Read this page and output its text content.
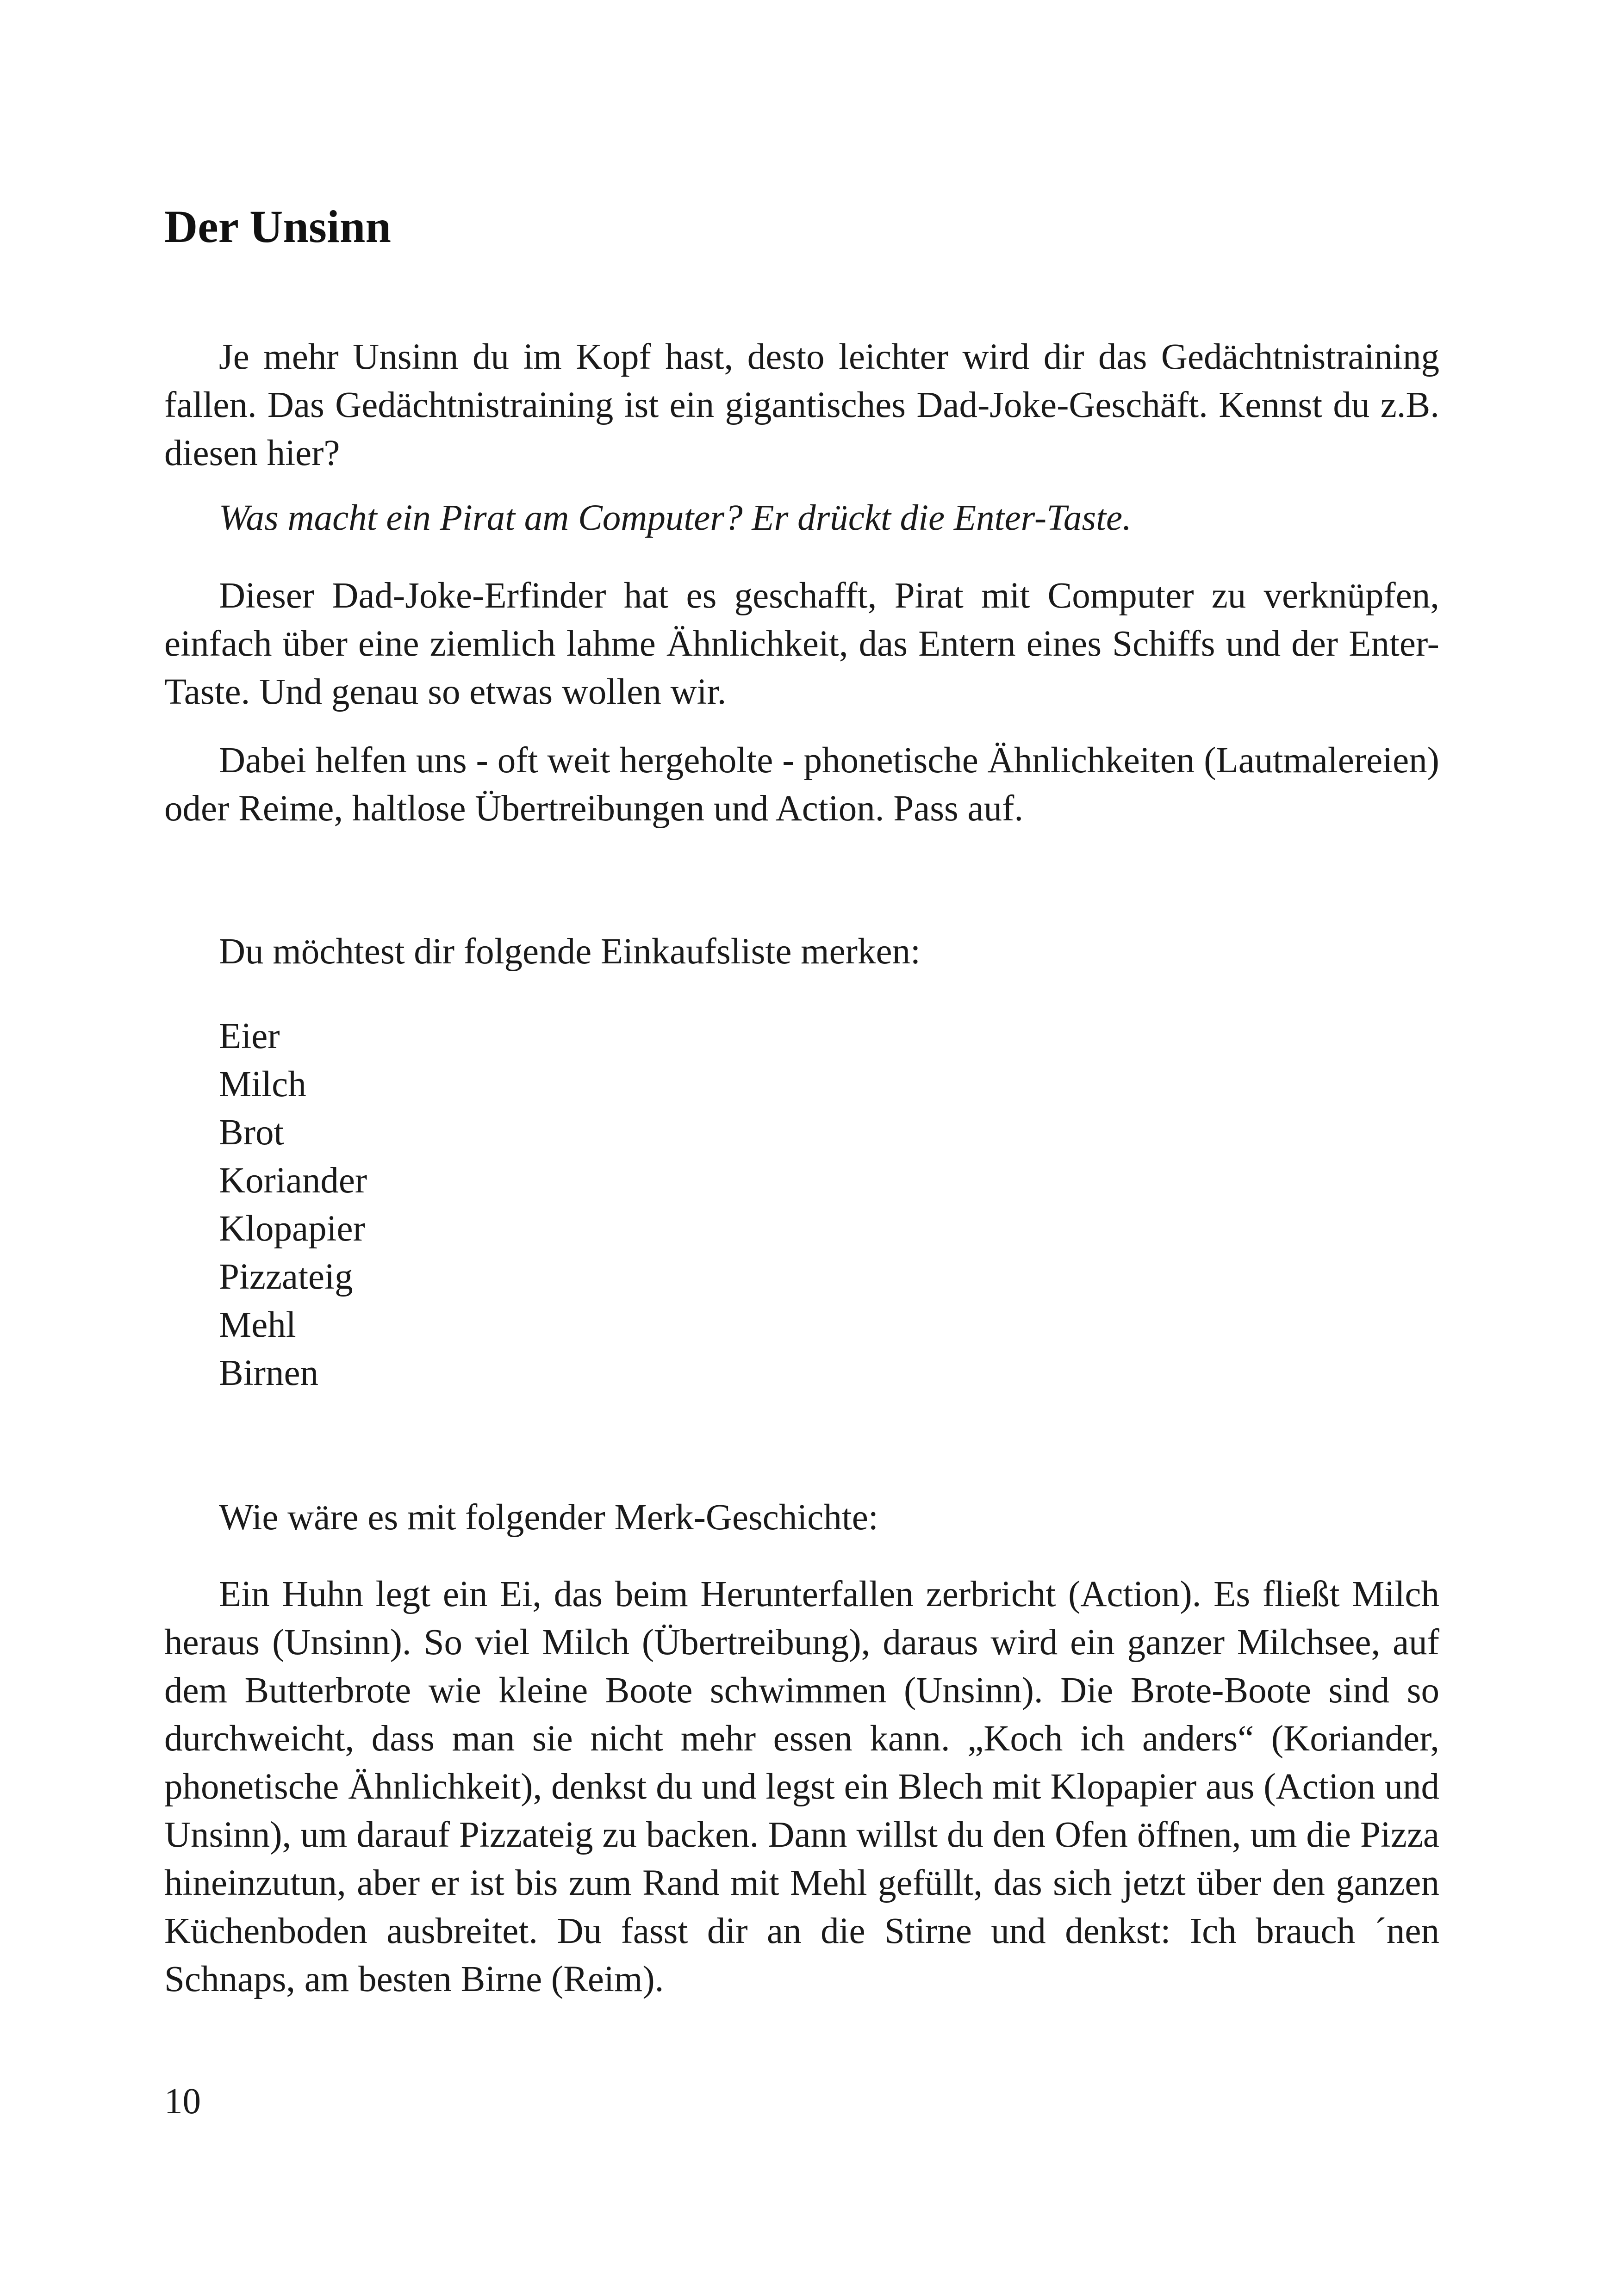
Der Unsinn

Je mehr Unsinn du im Kopf hast, desto leichter wird dir das Gedächtnistraining fallen. Das Gedächtnistraining ist ein gigantisches Dad-Joke-Geschäft. Kennst du z.B. diesen hier?

Was macht ein Pirat am Computer? Er drückt die Enter-Taste.

Dieser Dad-Joke-Erfinder hat es geschafft, Pirat mit Computer zu verknüpfen, einfach über eine ziemlich lahme Ähnlichkeit, das Entern eines Schiffs und der Enter-Taste. Und genau so etwas wollen wir.

Dabei helfen uns - oft weit hergeholte - phonetische Ähnlichkeiten (Lautmalereien) oder Reime, haltlose Übertreibungen und Action. Pass auf.

Du möchtest dir folgende Einkaufsliste merken:

Eier
Milch
Brot
Koriander
Klopapier
Pizzateig
Mehl
Birnen

Wie wäre es mit folgender Merk-Geschichte:

Ein Huhn legt ein Ei, das beim Herunterfallen zerbricht (Action). Es fließt Milch heraus (Unsinn). So viel Milch (Übertreibung), daraus wird ein ganzer Milchsee, auf dem Butterbrote wie kleine Boote schwimmen (Unsinn). Die Brote-Boote sind so durchweicht, dass man sie nicht mehr essen kann. „Koch ich anders“ (Koriander, phonetische Ähnlichkeit), denkst du und legst ein Blech mit Klopapier aus (Action und Unsinn), um darauf Pizzateig zu backen. Dann willst du den Ofen öffnen, um die Pizza hineinzutun, aber er ist bis zum Rand mit Mehl gefüllt, das sich jetzt über den ganzen Küchenboden ausbreitet. Du fasst dir an die Stirne und denkst: Ich brauch ´nen Schnaps, am besten Birne (Reim).

10
